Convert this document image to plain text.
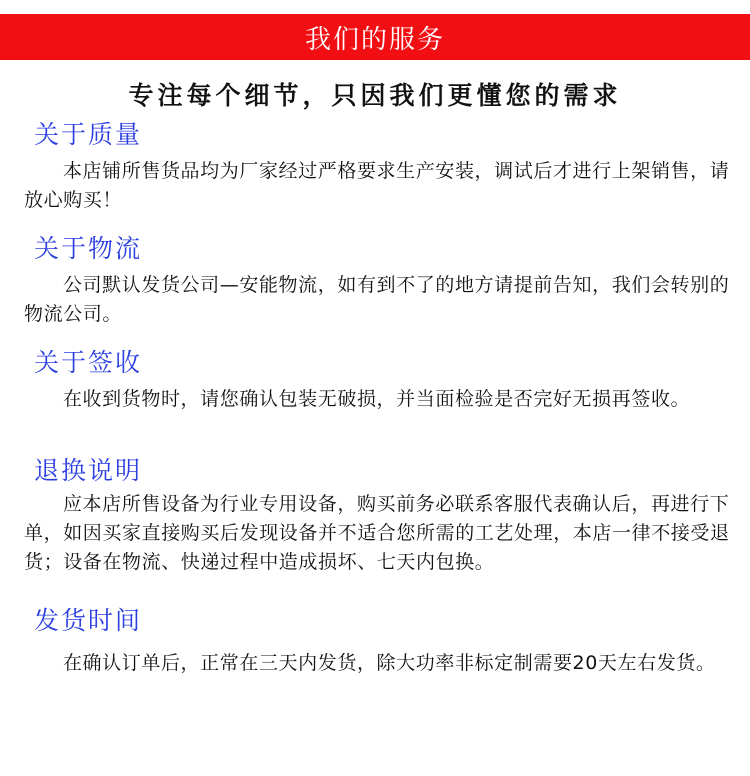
我们的服务
专注每个细节，只因我们更懂您的需求
关于质量

本店铺所售货品均为厂家经过严格要求生产安装，调试后才进行上架销售，请放心购买！

关于物流

公司默认发货公司—安能物流，如有到不了的地方请提前告知，我们会转别的物流公司。

关于签收

在收到货物时，请您确认包装无破损，并当面检验是否完好无损再签收。

退换说明

应本店所售设备为行业专用设备，购买前务必联系客服代表确认后，再进行下单，如因买家直接购买后发现设备并不适合您所需的工艺处理，本店一律不接受退货；设备在物流、快递过程中造成损坏、七天内包换。

发货时间

在确认订单后，正常在三天内发货，除大功率非标定制需要20天左右发货。
